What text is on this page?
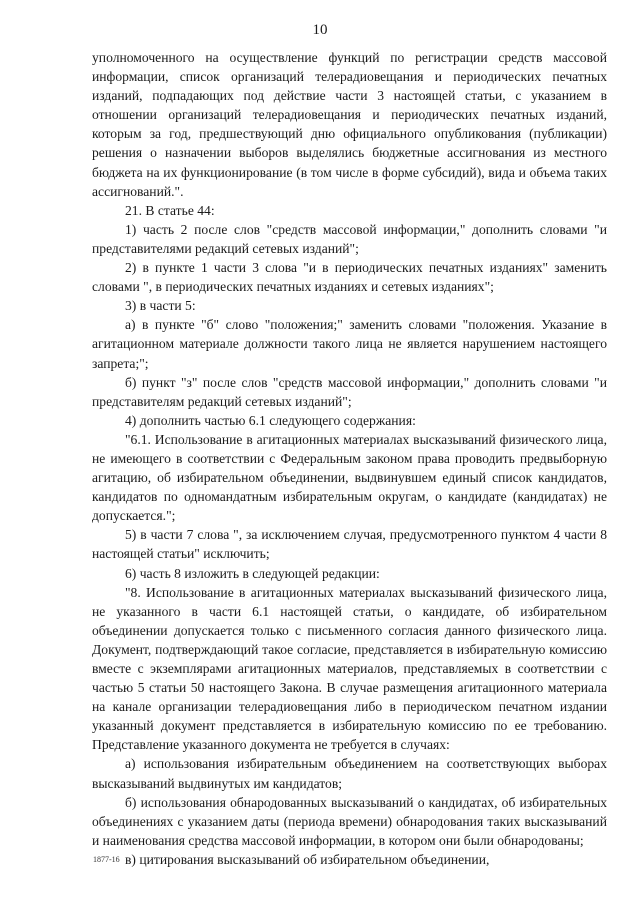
10

уполномоченного на осуществление функций по регистрации средств массовой информации, список организаций телерадиовещания и периодических печатных изданий, подпадающих под действие части 3 настоящей статьи, с указанием в отношении организаций телерадиовещания и периодических печатных изданий, которым за год, предшествующий дню официального опубликования (публикации) решения о назначении выборов выделялись бюджетные ассигнования из местного бюджета на их функционирование (в том числе в форме субсидий), вида и объема таких ассигнований.".

21. В статье 44:

1) часть 2 после слов "средств массовой информации," дополнить словами "и представителями редакций сетевых изданий";

2) в пункте 1 части 3 слова "и в периодических печатных изданиях" заменить словами ", в периодических печатных изданиях и сетевых изданиях";

3) в части 5:

а) в пункте "б" слово "положения;" заменить словами "положения. Указание в агитационном материале должности такого лица не является нарушением настоящего запрета;";

б) пункт "з" после слов "средств массовой информации," дополнить словами "и представителям редакций сетевых изданий";

4) дополнить частью 6.1 следующего содержания:

"6.1. Использование в агитационных материалах высказываний физического лица, не имеющего в соответствии с Федеральным законом права проводить предвыборную агитацию, об избирательном объединении, выдвинувшем единый список кандидатов, кандидатов по одномандатным избирательным округам, о кандидате (кандидатах) не допускается.";

5) в части 7 слова ", за исключением случая, предусмотренного пунктом 4 части 8 настоящей статьи" исключить;

6) часть 8 изложить в следующей редакции:

"8. Использование в агитационных материалах высказываний физического лица, не указанного в части 6.1 настоящей статьи, о кандидате, об избирательном объединении допускается только с письменного согласия данного физического лица. Документ, подтверждающий такое согласие, представляется в избирательную комиссию вместе с экземплярами агитационных материалов, представляемых в соответствии с частью 5 статьи 50 настоящего Закона. В случае размещения агитационного материала на канале организации телерадиовещания либо в периодическом печатном издании указанный документ представляется в избирательную комиссию по ее требованию. Представление указанного документа не требуется в случаях:

а) использования избирательным объединением на соответствующих выборах высказываний выдвинутых им кандидатов;

б) использования обнародованных высказываний о кандидатах, об избирательных объединениях с указанием даты (периода времени) обнародования таких высказываний и наименования средства массовой информации, в котором они были обнародованы;

в) цитирования высказываний об избирательном объединении,

1877-16
